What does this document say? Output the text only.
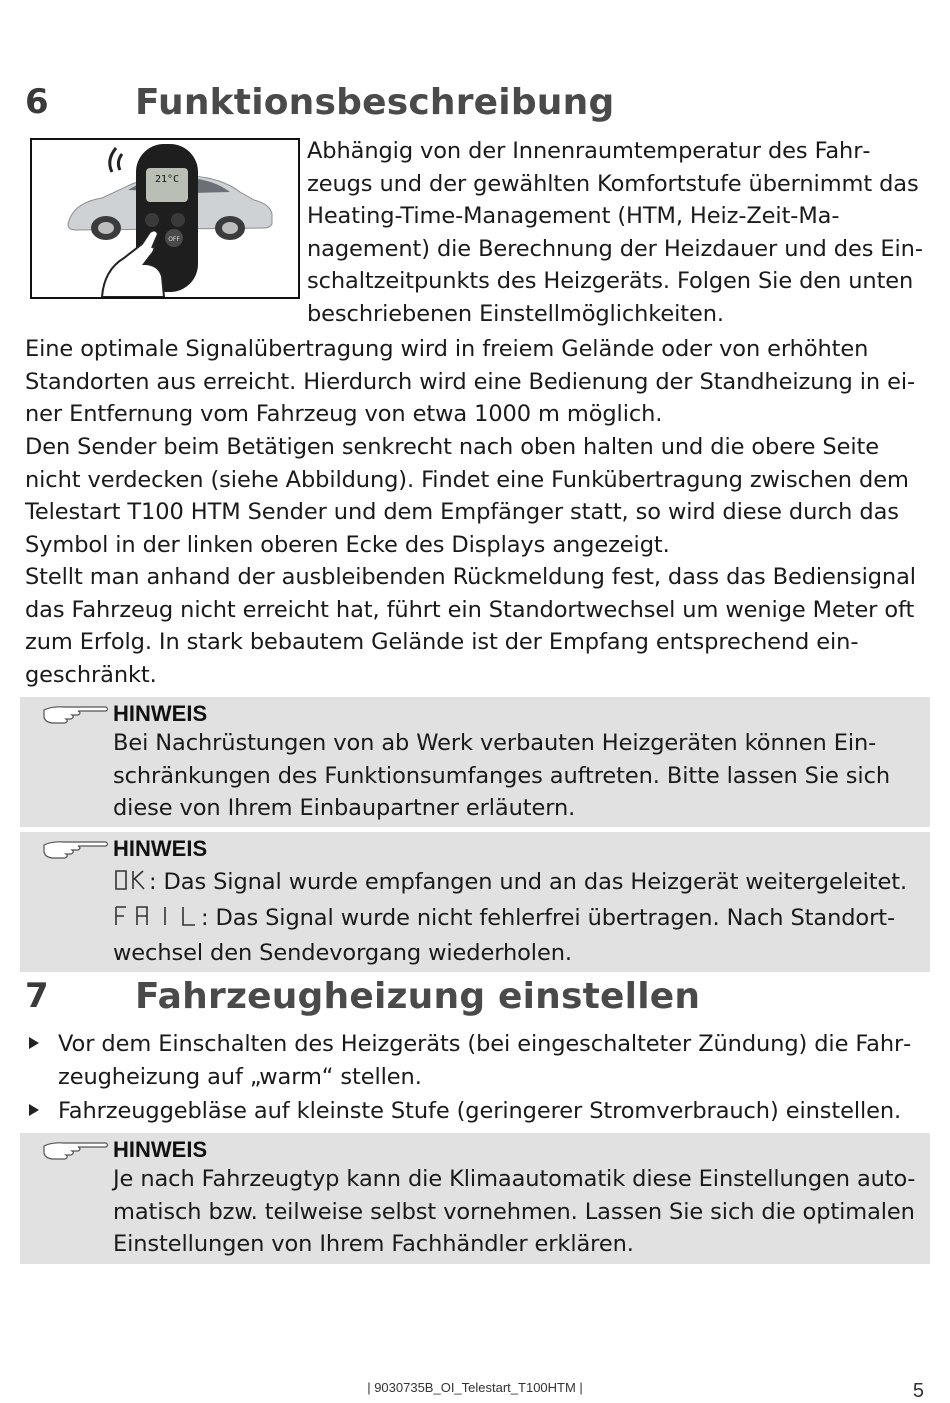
6 Funktionsbeschreibung
21°C
OFF

Abhängig von der Innenraumtemperatur des Fahrzeugs und der gewählten Komfortstufe übernimmt das Heating-Time-Management (HTM, Heiz-Zeit-Management) die Berechnung der Heizdauer und des Einschaltzeitpunkts des Heizgeräts. Folgen Sie den unten beschriebenen Einstellmöglichkeiten.

Eine optimale Signalübertragung wird in freiem Gelände oder von erhöhten Standorten aus erreicht. Hierdurch wird eine Bedienung der Standheizung in einer Entfernung vom Fahrzeug von etwa 1000 m möglich.

Den Sender beim Betätigen senkrecht nach oben halten und die obere Seite nicht verdecken (siehe Abbildung). Findet eine Funkübertragung zwischen dem Telestart T100 HTM Sender und dem Empfänger statt, so wird diese durch das Symbol in der linken oberen Ecke des Displays angezeigt.

Stellt man anhand der ausbleibenden Rückmeldung fest, dass das Bediensignal das Fahrzeug nicht erreicht hat, führt ein Standortwechsel um wenige Meter oft zum Erfolg. In stark bebautem Gelände ist der Empfang entsprechend eingeschränkt.

HINWEIS

Bei Nachrüstungen von ab Werk verbauten Heizgeräten können Einschränkungen des Funktionsumfanges auftreten. Bitte lassen Sie sich diese von Ihrem Einbaupartner erläutern.

HINWEIS
: Das Signal wurde empfangen und an das Heizgerät weitergeleitet.
: Das Signal wurde nicht fehlerfrei übertragen. Nach Standortwechsel den Sendevorgang wiederholen.
7 Fahrzeugheizung einstellen

Vor dem Einschalten des Heizgeräts (bei eingeschalteter Zündung) die Fahrzeugheizung auf „warm“ stellen.

Fahrzeuggebläse auf kleinste Stufe (geringerer Stromverbrauch) einstellen.

HINWEIS

Je nach Fahrzeugtyp kann die Klimaautomatik diese Einstellungen automatisch bzw. teilweise selbst vornehmen. Lassen Sie sich die optimalen Einstellungen von Ihrem Fachhändler erklären.

| 9030735B_OI_Telestart_T100HTM |	5
